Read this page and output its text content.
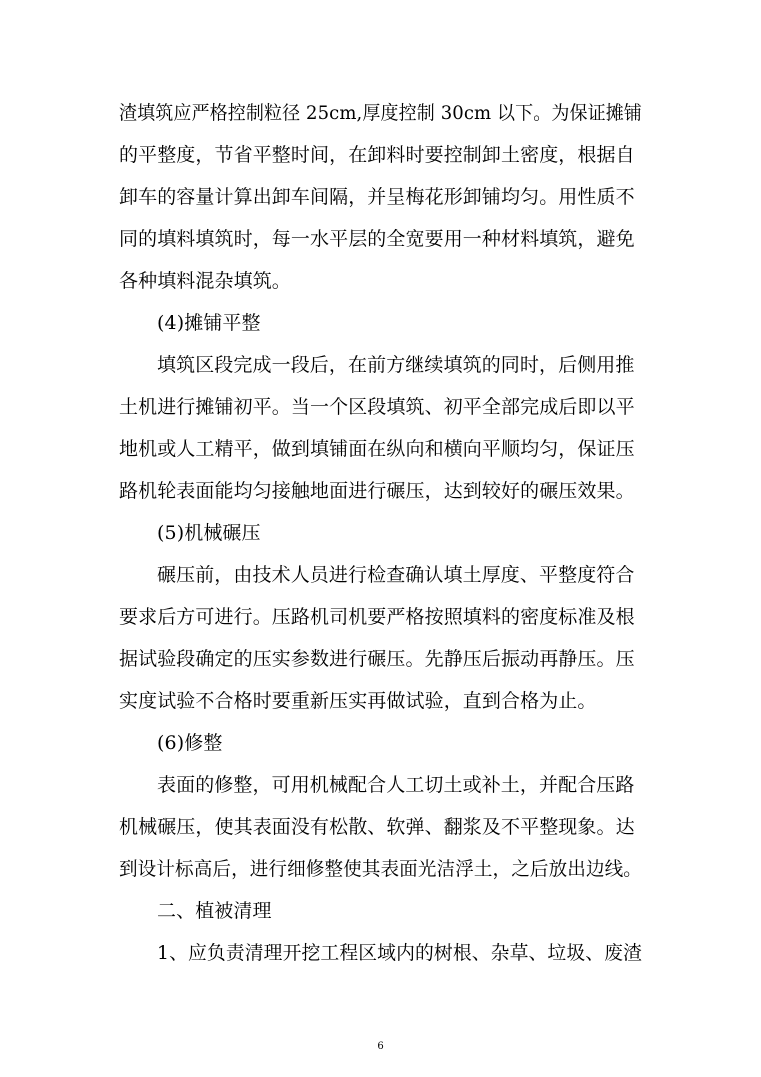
渣填筑应严格控制粒径 25cm,厚度控制 30cm 以下。为保证摊铺
的平整度，节省平整时间，在卸料时要控制卸土密度，根据自
卸车的容量计算出卸车间隔，并呈梅花形卸铺均匀。用性质不
同的填料填筑时，每一水平层的全宽要用一种材料填筑，避免
各种填料混杂填筑。
(4)摊铺平整
填筑区段完成一段后，在前方继续填筑的同时，后侧用推
土机进行摊铺初平。当一个区段填筑、初平全部完成后即以平
地机或人工精平，做到填铺面在纵向和横向平顺均匀，保证压
路机轮表面能均匀接触地面进行碾压，达到较好的碾压效果。
(5)机械碾压
碾压前，由技术人员进行检查确认填土厚度、平整度符合
要求后方可进行。压路机司机要严格按照填料的密度标准及根
据试验段确定的压实参数进行碾压。先静压后振动再静压。压
实度试验不合格时要重新压实再做试验，直到合格为止。
(6)修整
表面的修整，可用机械配合人工切土或补土，并配合压路
机械碾压，使其表面没有松散、软弹、翻浆及不平整现象。达
到设计标高后，进行细修整使其表面光洁浮土，之后放出边线。
二、植被清理
1、应负责清理开挖工程区域内的树根、杂草、垃圾、废渣
6
